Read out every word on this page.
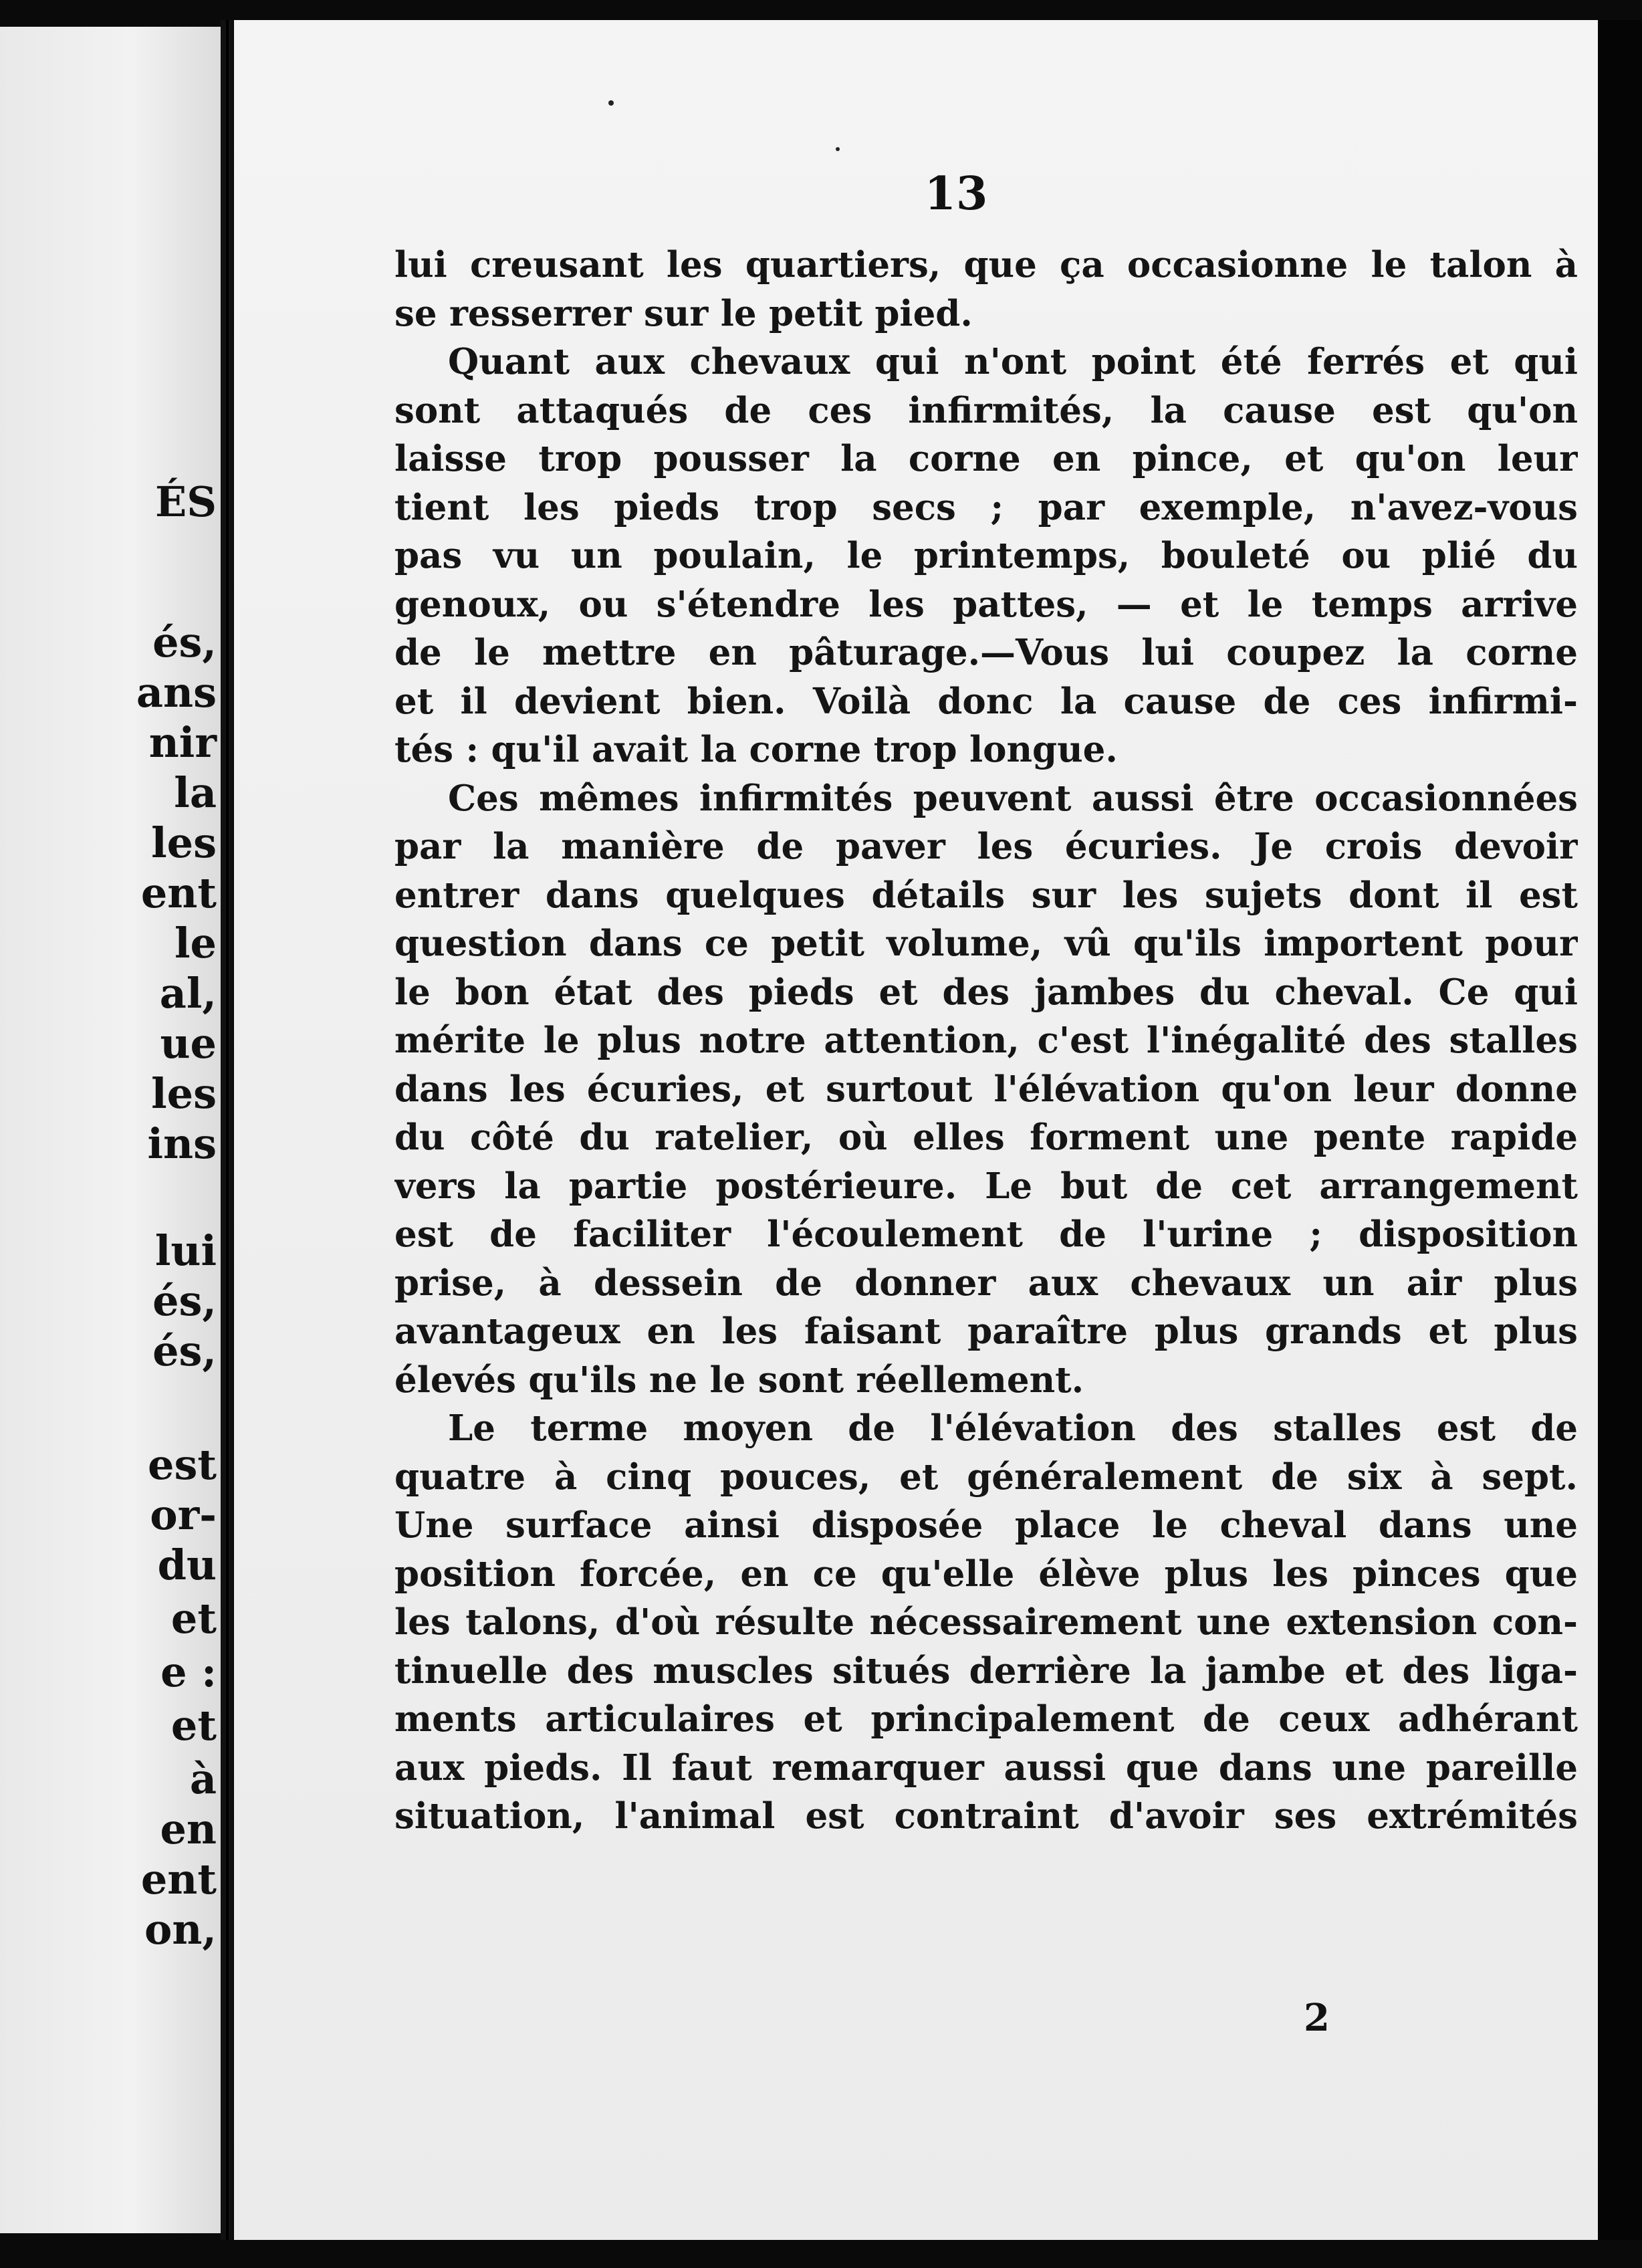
ÉS

és,

ans

nir

la

les

ent

le

al,

ue

les

ins

lui

és,

és,

est

or-

du

et

e :

et

à

en

ent

on,

13
lui creusant les quartiers, que ça occasionne le talon à
se resserrer sur le petit pied.
Quant aux chevaux qui n'ont point été ferrés et qui
sont attaqués de ces infirmités, la cause est qu'on
laisse trop pousser la corne en pince, et qu'on leur
tient les pieds trop secs ; par exemple, n'avez-vous
pas vu un poulain, le printemps, bouleté ou plié du
genoux, ou s'étendre les pattes, — et le temps arrive
de le mettre en pâturage.—Vous lui coupez la corne
et il devient bien. Voilà donc la cause de ces infirmi-
tés : qu'il avait la corne trop longue.
Ces mêmes infirmités peuvent aussi être occasionnées
par la manière de paver les écuries. Je crois devoir
entrer dans quelques détails sur les sujets dont il est
question dans ce petit volume, vû qu'ils importent pour
le bon état des pieds et des jambes du cheval. Ce qui
mérite le plus notre attention, c'est l'inégalité des stalles
dans les écuries, et surtout l'élévation qu'on leur donne
du côté du ratelier, où elles forment une pente rapide
vers la partie postérieure. Le but de cet arrangement
est de faciliter l'écoulement de l'urine ; disposition
prise, à dessein de donner aux chevaux un air plus
avantageux en les faisant paraître plus grands et plus
élevés qu'ils ne le sont réellement.
Le terme moyen de l'élévation des stalles est de
quatre à cinq pouces, et généralement de six à sept.
Une surface ainsi disposée place le cheval dans une
position forcée, en ce qu'elle élève plus les pinces que
les talons, d'où résulte nécessairement une extension con-
tinuelle des muscles situés derrière la jambe et des liga-
ments articulaires et principalement de ceux adhérant
aux pieds. Il faut remarquer aussi que dans une pareille
situation, l'animal est contraint d'avoir ses extrémités
2
